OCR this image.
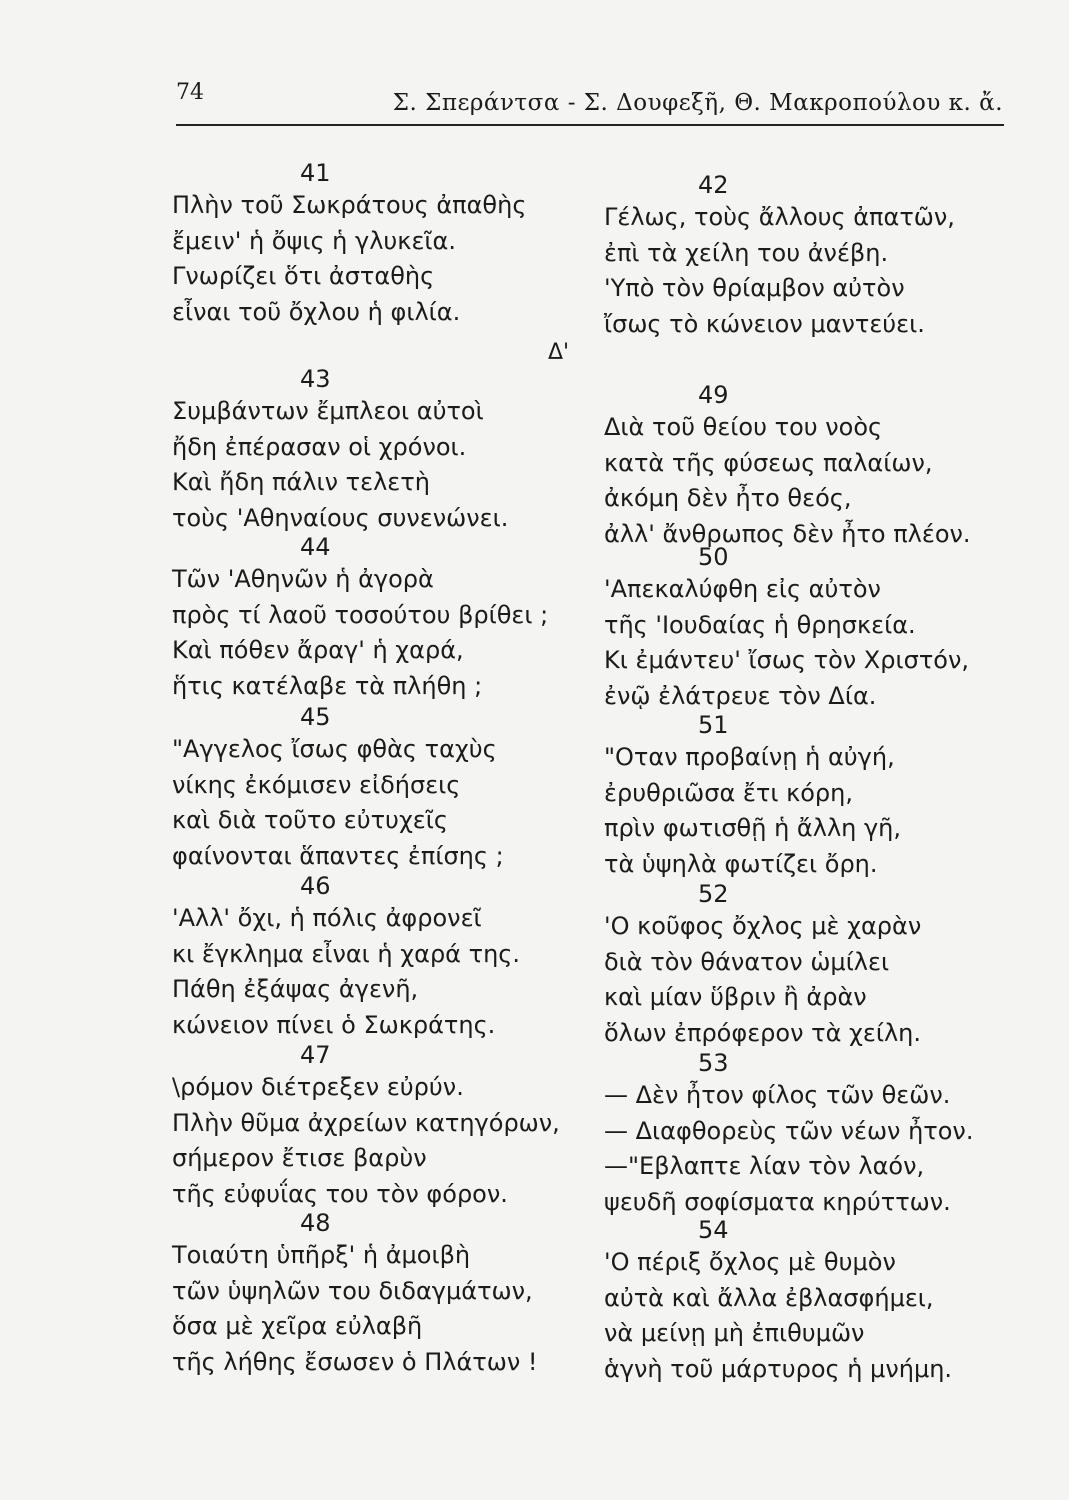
74	Σ. Σπεράντσα - Σ. Δουφεξῆ, Θ. Μακροπούλου κ. ἄ.
Δ'
41
Πλὴν τοῦ Σωκράτους ἀπαθὴς
ἔμειν' ἡ ὄψις ἡ γλυκεῖα.
Γνωρίζει ὅτι ἀσταθὴς
εἶναι τοῦ ὄχλου ἡ φιλία.
43
Συμβάντων ἔμπλεοι αὐτοὶ
ἤδη ἐπέρασαν οἱ χρόνοι.
Καὶ ἤδη πάλιν τελετὴ
τοὺς 'Αθηναίους συνενώνει.
44
Τῶν 'Αθηνῶν ἡ ἀγορὰ
πρὸς τί λαοῦ τοσούτου βρίθει ;
Καὶ πόθεν ἄραγ' ἡ χαρά,
ἥτις κατέλαβε τὰ πλήθη ;
45
"Αγγελος ἴσως φθὰς ταχὺς
νίκης ἐκόμισεν εἰδήσεις
καὶ διὰ τοῦτο εὐτυχεῖς
φαίνονται ἅπαντες ἐπίσης ;
46
'Αλλ' ὄχι, ἡ πόλις ἀφρονεῖ
κι ἔγκλημα εἶναι ἡ χαρά της.
Πάθη ἐξάψας ἀγενῆ,
κώνειον πίνει ὁ Σωκράτης.
47
\ρόμον διέτρεξεν εὐρύν.
Πλὴν θῦμα ἀχρείων κατηγόρων,
σήμερον ἔτισε βαρὺν
τῆς εὐφυΐας του τὸν φόρον.
48
Τοιαύτη ὑπῆρξ' ἡ ἀμοιβὴ
τῶν ὑψηλῶν του διδαγμάτων,
ὅσα μὲ χεῖρα εὐλαβῆ
τῆς λήθης ἔσωσεν ὁ Πλάτων !
42
Γέλως, τοὺς ἄλλους ἀπατῶν,
ἐπὶ τὰ χείλη του ἀνέβη.
'Υπὸ τὸν θρίαμβον αὐτὸν
ἴσως τὸ κώνειον μαντεύει.
49
Διὰ τοῦ θείου του νοὸς
κατὰ τῆς φύσεως παλαίων,
ἀκόμη δὲν ἦτο θεός,
ἀλλ' ἄνθρωπος δὲν ἦτο πλέον.
50
'Απεκαλύφθη εἰς αὐτὸν
τῆς 'Ιουδαίας ἡ θρησκεία.
Κι ἐμάντευ' ἴσως τὸν Χριστόν,
ἐνῷ ἐλάτρευε τὸν Δία.
51
"Οταν προβαίνῃ ἡ αὐγή,
ἐρυθριῶσα ἔτι κόρη,
πρὶν φωτισθῇ ἡ ἄλλη γῆ,
τὰ ὑψηλὰ φωτίζει ὄρη.
52
'Ο κοῦφος ὄχλος μὲ χαρὰν
διὰ τὸν θάνατον ὡμίλει
καὶ μίαν ὕβριν ἢ ἀρὰν
ὅλων ἐπρόφερον τὰ χείλη.
53
— Δὲν ἦτον φίλος τῶν θεῶν.
— Διαφθορεὺς τῶν νέων ἦτον.
—"Εβλαπτε λίαν τὸν λαόν,
ψευδῆ σοφίσματα κηρύττων.
54
'Ο πέριξ ὄχλος μὲ θυμὸν
αὐτὰ καὶ ἄλλα ἐβλασφήμει,
νὰ μείνῃ μὴ ἐπιθυμῶν
ἁγνὴ τοῦ μάρτυρος ἡ μνήμη.
